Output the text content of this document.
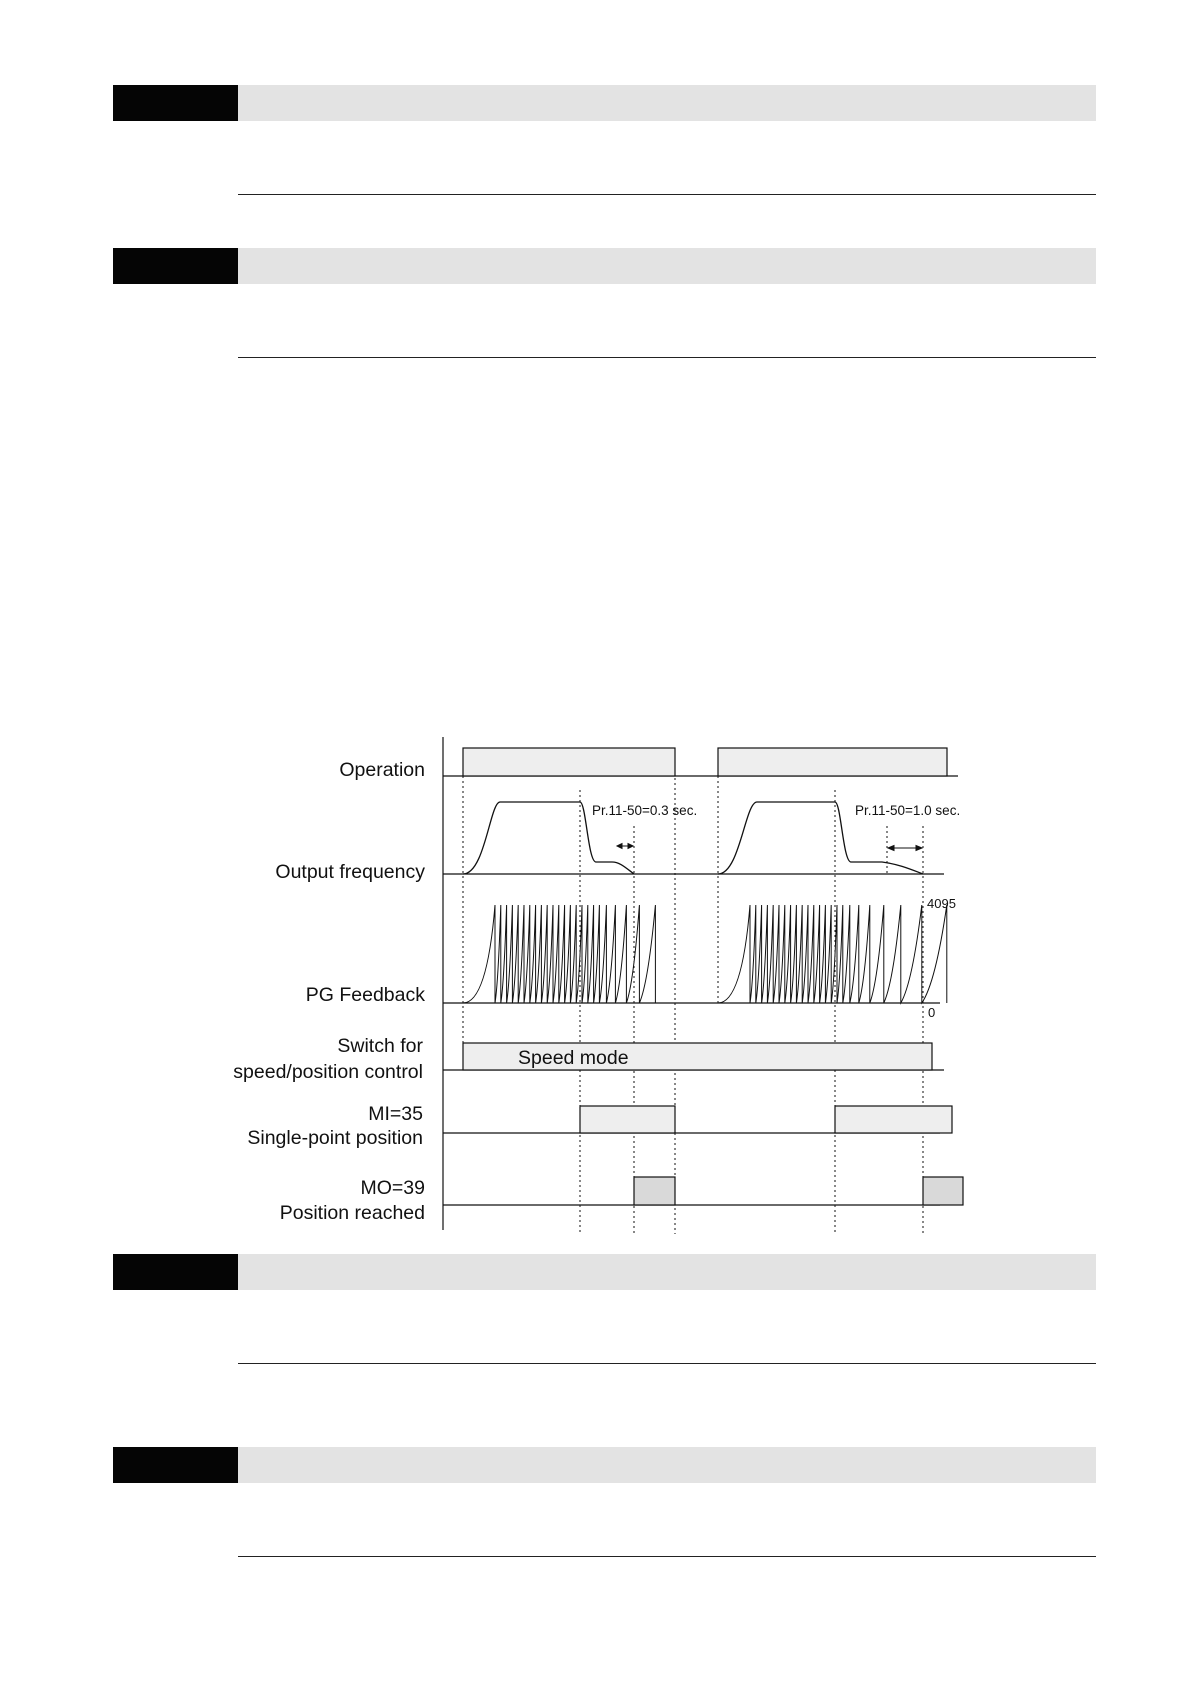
Operation
Output frequency
PG Feedback
Switch for
speed/position control
MI=35
Single-point position
MO=39
Position reached
Pr.11-50=0.3 sec.	Pr.11-50=1.0 sec.
4095
0
Speed mode
